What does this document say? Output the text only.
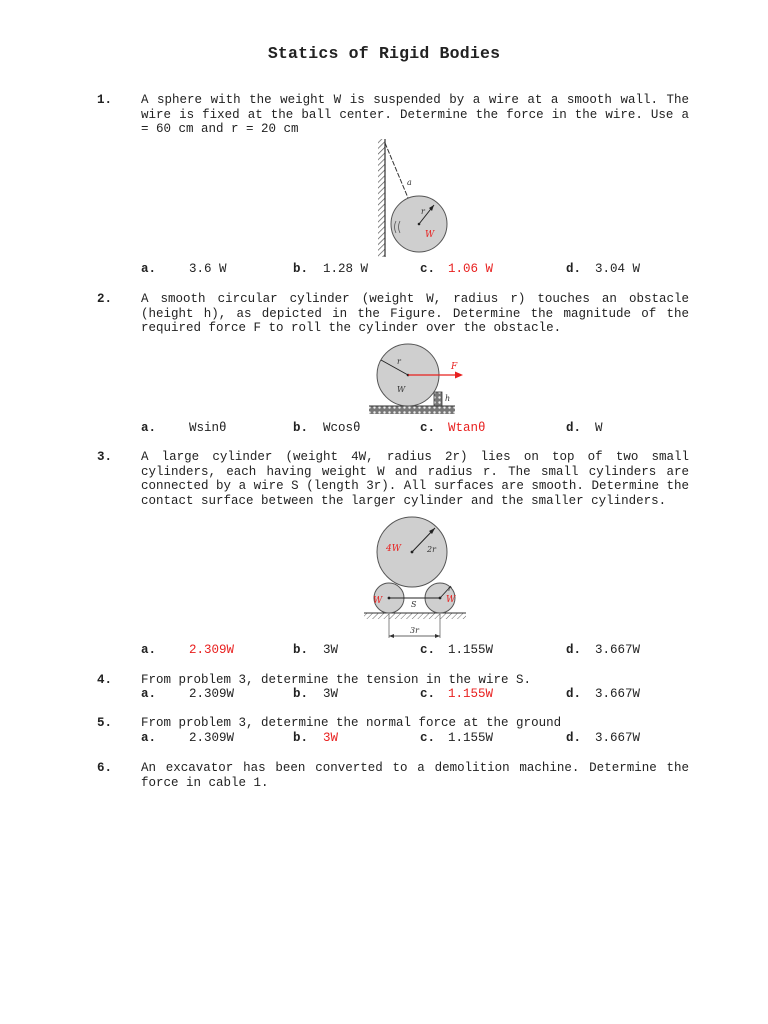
Statics of Rigid Bodies
1. A sphere with the weight W is suspended by a wire at a smooth wall. The wire is fixed at the ball center. Determine the force in the wire. Use a = 60 cm and r = 20 cm
a
r
W
a.	3.6 W	b. 1.28 W	c. 1.06 W	d. 3.04 W
2. A smooth circular cylinder (weight W, radius r) touches an obstacle (height h), as depicted in the Figure. Determine the magnitude of the required force F to roll the cylinder over the obstacle.
r
W
F
h
a.	Wsinθ	b. Wcosθ	c. Wtanθ	d. W
3. A large cylinder (weight 4W, radius 2r) lies on top of two small cylinders, each having weight W and radius r. The small cylinders are connected by a wire S (length 3r). All surfaces are smooth. Determine the contact surface between the larger cylinder and the smaller cylinders.
4W	2r
W	W
r
S
3r
a.	2.309W	b. 3W	c. 1.155W	d. 3.667W
4. From problem 3, determine the tension in the wire S.
a.	2.309W	b. 3W	c. 1.155W	d. 3.667W
5. From problem 3, determine the normal force at the ground
a.	2.309W	b. 3W	c. 1.155W	d. 3.667W
6. An excavator has been converted to a demolition machine. Determine the force in cable 1.
